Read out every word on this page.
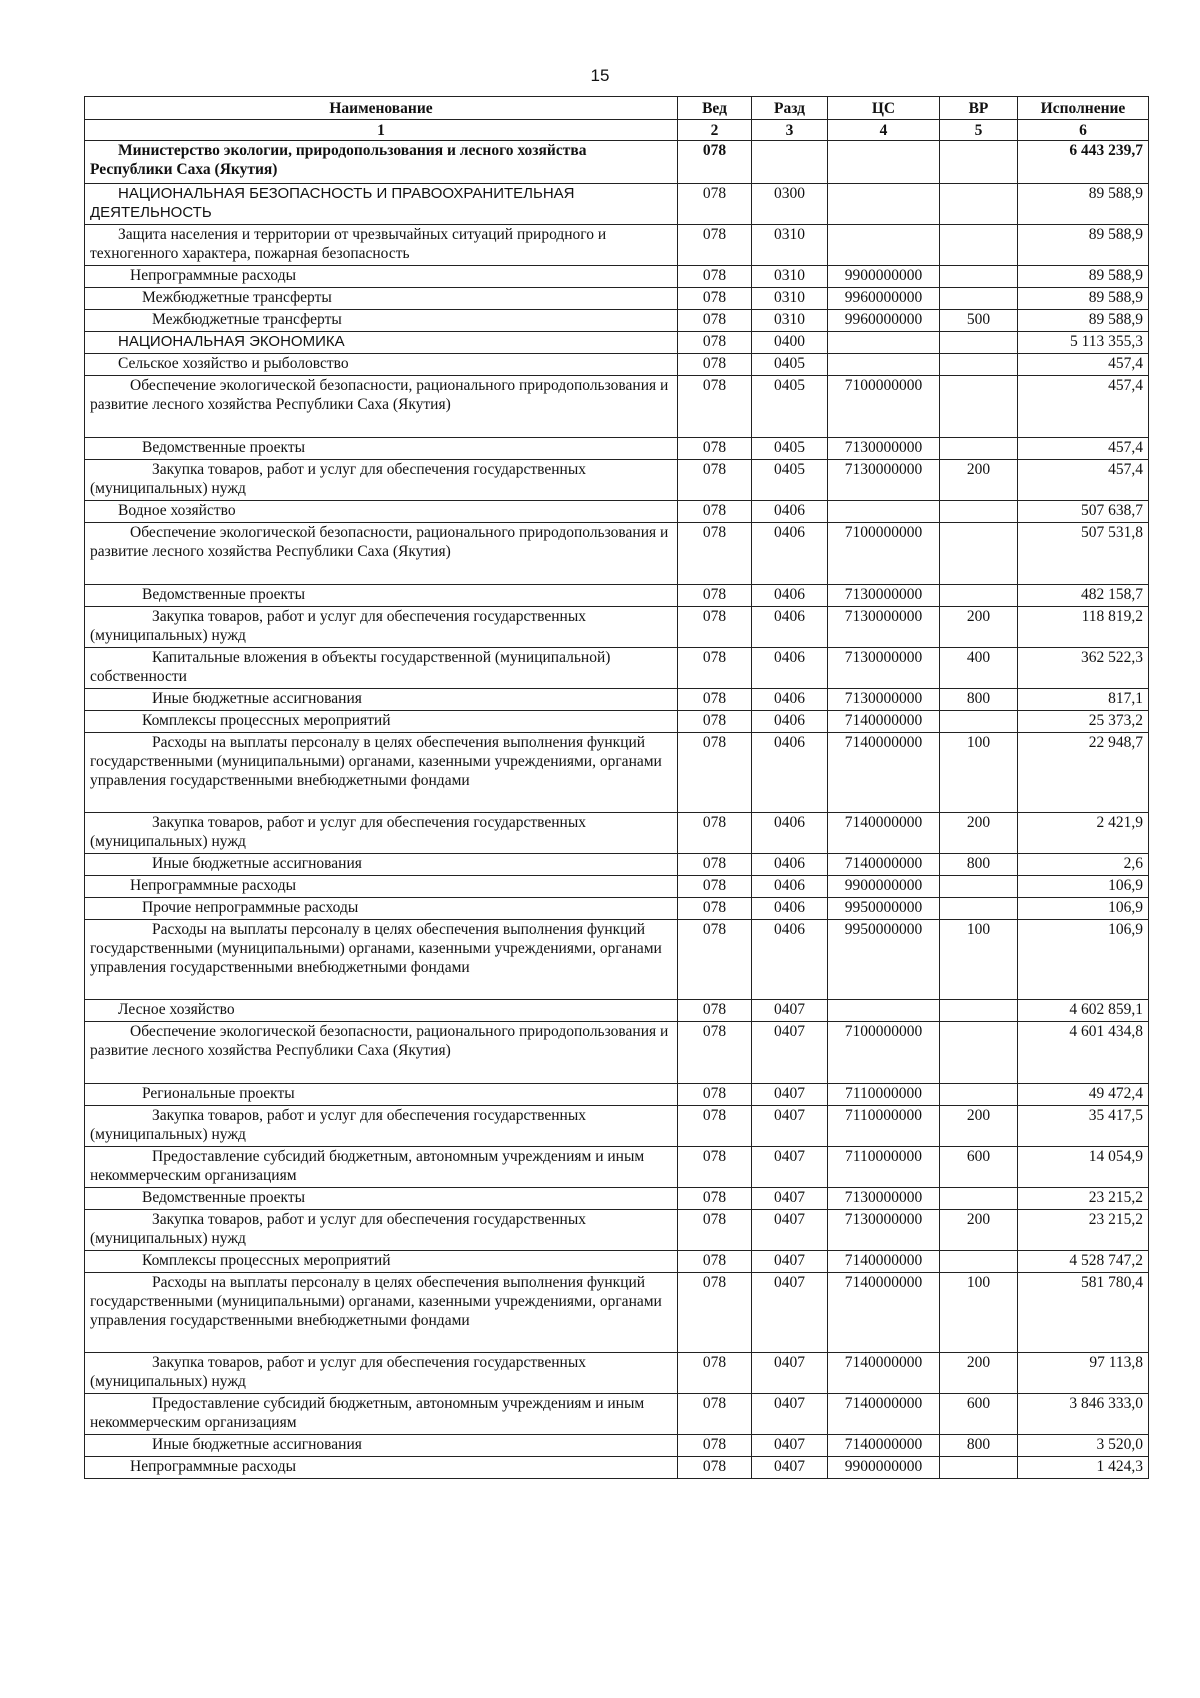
15
Наименование	Вед	Разд	ЦС	ВР	Исполнение
1	2	3	4	5	6
Министерство экологии, природопользования и лесного хозяйства Республики Саха (Якутия)	078				6 443 239,7
НАЦИОНАЛЬНАЯ БЕЗОПАСНОСТЬ И ПРАВООХРАНИТЕЛЬНАЯ ДЕЯТЕЛЬНОСТЬ	078	0300			89 588,9
Защита населения и территории от чрезвычайных ситуаций природного и техногенного характера, пожарная безопасность	078	0310			89 588,9
Непрограммные расходы	078	0310	9900000000		89 588,9
Межбюджетные трансферты	078	0310	9960000000		89 588,9
Межбюджетные трансферты	078	0310	9960000000	500	89 588,9
НАЦИОНАЛЬНАЯ ЭКОНОМИКА	078	0400			5 113 355,3
Сельское хозяйство и рыболовство	078	0405			457,4
Обеспечение экологической безопасности, рационального природопользования и развитие лесного хозяйства Республики Саха (Якутия)	078	0405	7100000000		457,4
Ведомственные проекты	078	0405	7130000000		457,4
Закупка товаров, работ и услуг для обеспечения государственных (муниципальных) нужд	078	0405	7130000000	200	457,4
Водное хозяйство	078	0406			507 638,7
Обеспечение экологической безопасности, рационального природопользования и развитие лесного хозяйства Республики Саха (Якутия)	078	0406	7100000000		507 531,8
Ведомственные проекты	078	0406	7130000000		482 158,7
Закупка товаров, работ и услуг для обеспечения государственных (муниципальных) нужд	078	0406	7130000000	200	118 819,2
Капитальные вложения в объекты государственной (муниципальной) собственности	078	0406	7130000000	400	362 522,3
Иные бюджетные ассигнования	078	0406	7130000000	800	817,1
Комплексы процессных мероприятий	078	0406	7140000000		25 373,2
Расходы на выплаты персоналу в целях обеспечения выполнения функций государственными (муниципальными) органами, казенными учреждениями, органами управления государственными внебюджетными фондами	078	0406	7140000000	100	22 948,7
Закупка товаров, работ и услуг для обеспечения государственных (муниципальных) нужд	078	0406	7140000000	200	2 421,9
Иные бюджетные ассигнования	078	0406	7140000000	800	2,6
Непрограммные расходы	078	0406	9900000000		106,9
Прочие непрограммные расходы	078	0406	9950000000		106,9
Расходы на выплаты персоналу в целях обеспечения выполнения функций государственными (муниципальными) органами, казенными учреждениями, органами управления государственными внебюджетными фондами	078	0406	9950000000	100	106,9
Лесное хозяйство	078	0407			4 602 859,1
Обеспечение экологической безопасности, рационального природопользования и развитие лесного хозяйства Республики Саха (Якутия)	078	0407	7100000000		4 601 434,8
Региональные проекты	078	0407	7110000000		49 472,4
Закупка товаров, работ и услуг для обеспечения государственных (муниципальных) нужд	078	0407	7110000000	200	35 417,5
Предоставление субсидий бюджетным, автономным учреждениям и иным некоммерческим организациям	078	0407	7110000000	600	14 054,9
Ведомственные проекты	078	0407	7130000000		23 215,2
Закупка товаров, работ и услуг для обеспечения государственных (муниципальных) нужд	078	0407	7130000000	200	23 215,2
Комплексы процессных мероприятий	078	0407	7140000000		4 528 747,2
Расходы на выплаты персоналу в целях обеспечения выполнения функций государственными (муниципальными) органами, казенными учреждениями, органами управления государственными внебюджетными фондами	078	0407	7140000000	100	581 780,4
Закупка товаров, работ и услуг для обеспечения государственных (муниципальных) нужд	078	0407	7140000000	200	97 113,8
Предоставление субсидий бюджетным, автономным учреждениям и иным некоммерческим организациям	078	0407	7140000000	600	3 846 333,0
Иные бюджетные ассигнования	078	0407	7140000000	800	3 520,0
Непрограммные расходы	078	0407	9900000000		1 424,3
